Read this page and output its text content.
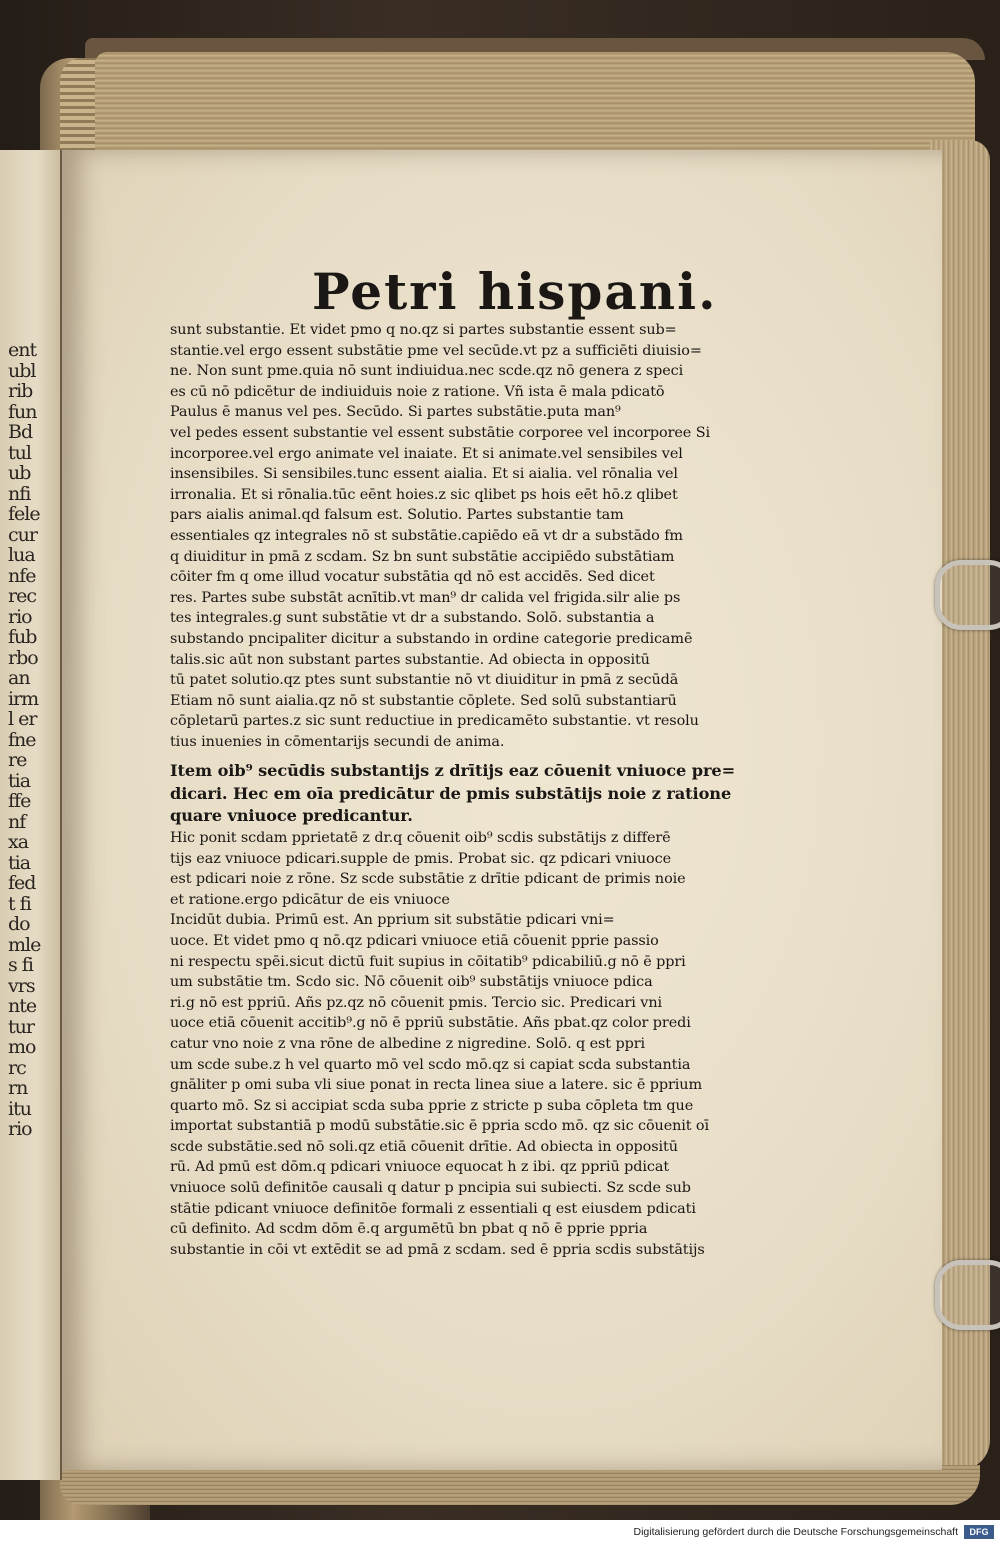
ent
ubl
rib
fun
Bd
tul
ub
nfi
fele
cur
lua
nfe
rec
rio
fub
rbo
an
irm
l er
fne
re
tia
ffe
nf
xa
tia
fed
t fi
do
mle
s fi
vrs
nte
tur
mo
rc
rn
itu
rio
Petri hispani.
sunt substantie. Et videt pmo q no.qz si partes substantie essent sub=
stantie.vel ergo essent substātie pme vel secūde.vt pz a sufficiēti diuisio=
ne. Non sunt pme.quia nō sunt indiuidua.nec scde.qz nō genera z speci
es cū nō pdicētur de indiuiduis noie z ratione. Vñ ista ē mala pdicatō
Paulus ē manus vel pes. Secūdo. Si partes substātie.puta man⁹
vel pedes essent substantie vel essent substātie corporee vel incorporee Si
incorporee.vel ergo animate vel inaiate. Et si animate.vel sensibiles vel
insensibiles. Si sensibiles.tunc essent aialia. Et si aialia. vel rōnalia vel
irronalia. Et si rōnalia.tūc eēnt hoies.z sic qlibet ps hois eēt hō.z qlibet
pars aialis animal.qd falsum est. Solutio. Partes substantie tam
essentiales qz integrales nō st substātie.capiēdo eā vt dr a substādo fm
q diuiditur in pmā z scdam. Sz bn sunt substātie accipiēdo substātiam
cōiter fm q ome illud vocatur substātia qd nō est accidēs. Sed dicet
res. Partes sube substāt acnītib.vt man⁹ dr calida vel frigida.silr alie ps
tes integrales.g sunt substātie vt dr a substando. Solō. substantia a
substando pncipaliter dicitur a substando in ordine categorie predicamē
talis.sic aūt non substant partes substantie. Ad obiecta in oppositū
tū patet solutio.qz ptes sunt substantie nō vt diuiditur in pmā z secūdā
Etiam nō sunt aialia.qz nō st substantie cōplete. Sed solū substantiarū
cōpletarū partes.z sic sunt reductiue in predicamēto substantie. vt resolu
tius inuenies in cōmentarijs secundi de anima.
Item oib⁹ secūdis substantijs z drītijs eaz cōuenit vniuoce pre=
dicari. Hec em oīa predicātur de pmis substātijs noie z ratione
quare vniuoce predicantur.
Hic ponit scdam pprietatē z dr.q cōuenit oib⁹ scdis substātijs z differē
tijs eaz vniuoce pdicari.supple de pmis. Probat sic. qz pdicari vniuoce
est pdicari noie z rōne. Sz scde substātie z drītie pdicant de primis noie
et ratione.ergo pdicātur de eis vniuoce
Incidūt dubia. Primū est. An pprium sit substātie pdicari vni=
uoce. Et videt pmo q nō.qz pdicari vniuoce etiā cōuenit pprie passio
ni respectu spēi.sicut dictū fuit supius in cōitatib⁹ pdicabiliū.g nō ē ppri
um substātie tm. Scdo sic. Nō cōuenit oib⁹ substātijs vniuoce pdica
ri.g nō est ppriū. Añs pz.qz nō cōuenit pmis. Tercio sic. Predicari vni
uoce etiā cōuenit accitib⁹.g nō ē ppriū substātie. Añs pbat.qz color predi
catur vno noie z vna rōne de albedine z nigredine. Solō. q est ppri
um scde sube.z h vel quarto mō vel scdo mō.qz si capiat scda substantia
gnāliter p omi suba vli siue ponat in recta linea siue a latere. sic ē pprium
quarto mō. Sz si accipiat scda suba pprie z stricte p suba cōpleta tm que
importat substantiā p modū substātie.sic ē ppria scdo mō. qz sic cōuenit oī
scde substātie.sed nō soli.qz etiā cōuenit drītie. Ad obiecta in oppositū
rū. Ad pmū est dōm.q pdicari vniuoce equocat h z ibi. qz ppriū pdicat
vniuoce solū definitōe causali q datur p pncipia sui subiecti. Sz scde sub
stātie pdicant vniuoce definitōe formali z essentiali q est eiusdem pdicati
cū definito. Ad scdm dōm ē.q argumētū bn pbat q nō ē pprie ppria
substantie in cōi vt extēdit se ad pmā z scdam. sed ē ppria scdis substātijs
Digitalisierung gefördert durch die Deutsche Forschungsgemeinschaft	DFG
